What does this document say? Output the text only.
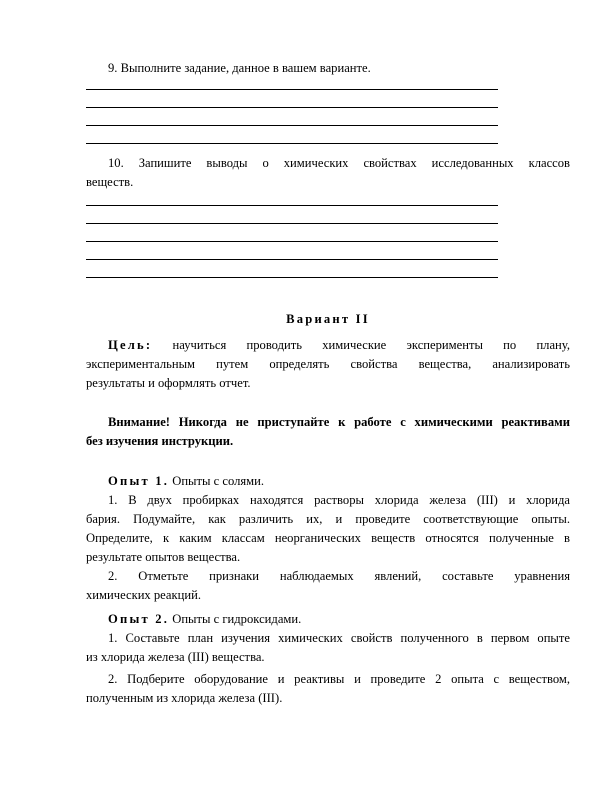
9. Выполните задание, данное в вашем варианте.
10. Запишите выводы о химических свойствах исследованных классов
веществ.
Вариант II
Цель: научиться проводить химические эксперименты по плану,
экспериментальным путем определять свойства вещества, анализировать
результаты и оформлять отчет.
Внимание! Никогда не приступайте к работе с химическими реактивами
без изучения инструкции.
Опыт 1. Опыты с солями.
1. В двух пробирках находятся растворы хлорида железа (III) и хлорида
бария. Подумайте, как различить их, и проведите соответствующие опыты.
Определите, к каким классам неорганических веществ относятся полученные в
результате опытов вещества.
2. Отметьте признаки наблюдаемых явлений, составьте уравнения
химических реакций.
Опыт 2. Опыты с гидроксидами.
1. Составьте план изучения химических свойств полученного в первом опыте
из хлорида железа (III) вещества.
2. Подберите оборудование и реактивы и проведите 2 опыта с веществом,
полученным из хлорида железа (III).
